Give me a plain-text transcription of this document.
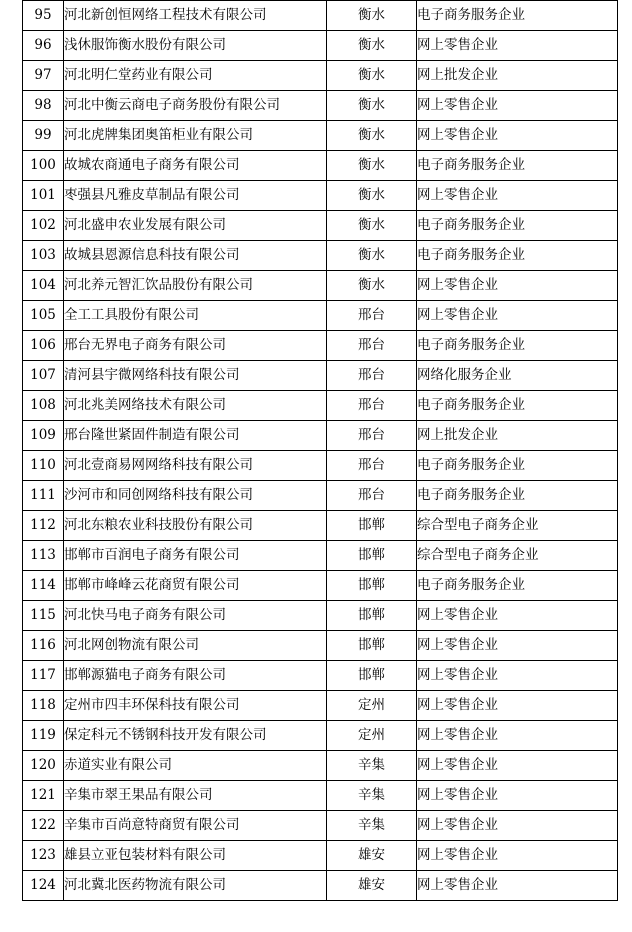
95	河北新创恒网络工程技术有限公司	衡水	电子商务服务企业
96	浅休服饰衡水股份有限公司	衡水	网上零售企业
97	河北明仁堂药业有限公司	衡水	网上批发企业
98	河北中衡云商电子商务股份有限公司	衡水	网上零售企业
99	河北虎牌集团奥笛柜业有限公司	衡水	网上零售企业
100	故城农商通电子商务有限公司	衡水	电子商务服务企业
101	枣强县凡雅皮草制品有限公司	衡水	网上零售企业
102	河北盛申农业发展有限公司	衡水	电子商务服务企业
103	故城县恩源信息科技有限公司	衡水	电子商务服务企业
104	河北养元智汇饮品股份有限公司	衡水	网上零售企业
105	全工工具股份有限公司	邢台	网上零售企业
106	邢台无界电子商务有限公司	邢台	电子商务服务企业
107	清河县宇微网络科技有限公司	邢台	网络化服务企业
108	河北兆美网络技术有限公司	邢台	电子商务服务企业
109	邢台隆世紧固件制造有限公司	邢台	网上批发企业
110	河北壹商易网网络科技有限公司	邢台	电子商务服务企业
111	沙河市和同创网络科技有限公司	邢台	电子商务服务企业
112	河北东粮农业科技股份有限公司	邯郸	综合型电子商务企业
113	邯郸市百润电子商务有限公司	邯郸	综合型电子商务企业
114	邯郸市峰峰云花商贸有限公司	邯郸	电子商务服务企业
115	河北快马电子商务有限公司	邯郸	网上零售企业
116	河北网创物流有限公司	邯郸	网上零售企业
117	邯郸源猫电子商务有限公司	邯郸	网上零售企业
118	定州市四丰环保科技有限公司	定州	网上零售企业
119	保定科元不锈钢科技开发有限公司	定州	网上零售企业
120	赤道实业有限公司	辛集	网上零售企业
121	辛集市翠王果品有限公司	辛集	网上零售企业
122	辛集市百尚意特商贸有限公司	辛集	网上零售企业
123	雄县立亚包装材料有限公司	雄安	网上零售企业
124	河北冀北医药物流有限公司	雄安	网上零售企业
